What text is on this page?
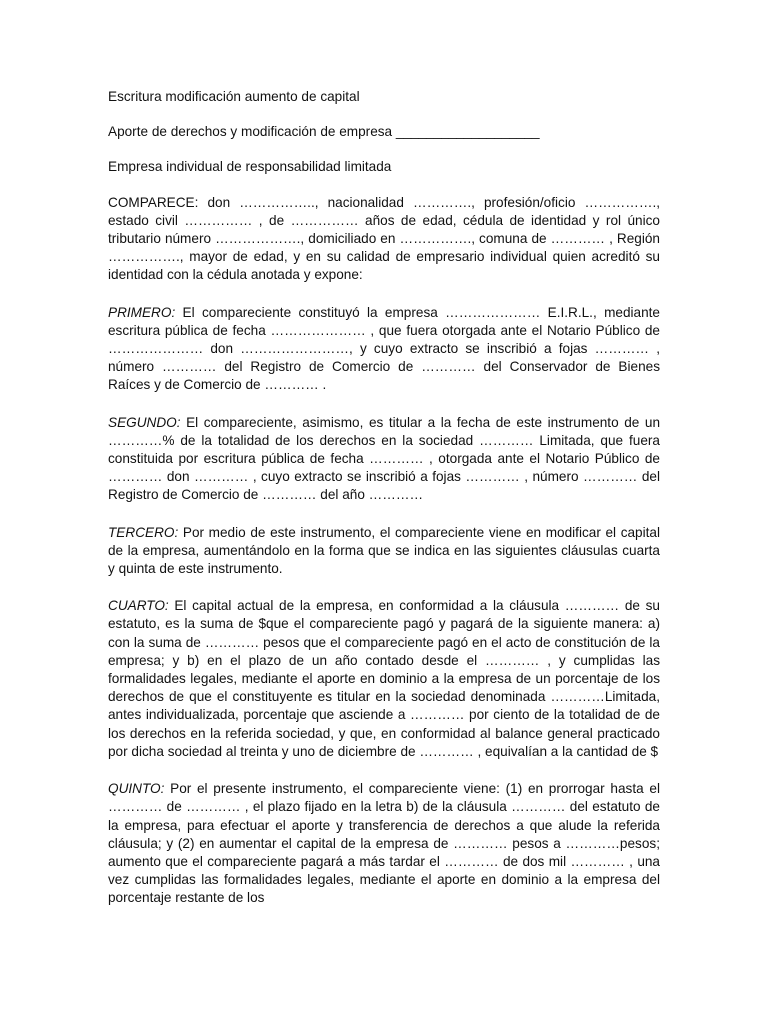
Escritura modificación aumento de capital
Aporte de derechos y modificación de empresa ___________________
Empresa individual de responsabilidad limitada

COMPARECE: don …………….., nacionalidad …………., profesión/oficio ……………., estado civil …………… , de …………… años de edad, cédula de identidad y rol único tributario número ………………., domiciliado en ……………., comuna de ………… , Región ……………., mayor de edad, y en su calidad de empresario individual quien acreditó su identidad con la cédula anotada y expone:

PRIMERO: El compareciente constituyó la empresa ………………… E.I.R.L., mediante escritura pública de fecha ………………… , que fuera otorgada ante el Notario Público de ………………… don ……………………, y cuyo extracto se inscribió a fojas ………… , número ………… del Registro de Comercio de ………… del Conservador de Bienes Raíces y de Comercio de ………… .

SEGUNDO: El compareciente, asimismo, es titular a la fecha de este instrumento de un …………% de la totalidad de los derechos en la sociedad ………… Limitada, que fuera constituida por escritura pública de fecha ………… , otorgada ante el Notario Público de ………… don ………… , cuyo extracto se inscribió a fojas ………… , número ………… del Registro de Comercio de ………… del año …………

TERCERO: Por medio de este instrumento, el compareciente viene en modificar el capital de la empresa, aumentándolo en la forma que se indica en las siguientes cláusulas cuarta y quinta de este instrumento.

CUARTO: El capital actual de la empresa, en conformidad a la cláusula ………… de su estatuto, es la suma de $que el compareciente pagó y pagará de la siguiente manera: a) con la suma de ………… pesos que el compareciente pagó en el acto de constitución de la empresa; y b) en el plazo de un año contado desde el ………… , y cumplidas las formalidades legales, mediante el aporte en dominio a la empresa de un porcentaje de los derechos de que el constituyente es titular en la sociedad denominada …………Limitada, antes individualizada, porcentaje que asciende a ………… por ciento de la totalidad de de los derechos en la referida sociedad, y que, en conformidad al balance general practicado por dicha sociedad al treinta y uno de diciembre de ………… , equivalían a la cantidad de $

QUINTO: Por el presente instrumento, el compareciente viene: (1) en prorrogar hasta el ………… de ………… , el plazo fijado en la letra b) de la cláusula ………… del estatuto de la empresa, para efectuar el aporte y transferencia de derechos a que alude la referida cláusula; y (2) en aumentar el capital de la empresa de ………… pesos a …………pesos; aumento que el compareciente pagará a más tardar el ………… de dos mil ………… , una vez cumplidas las formalidades legales, mediante el aporte en dominio a la empresa del porcentaje restante de los
